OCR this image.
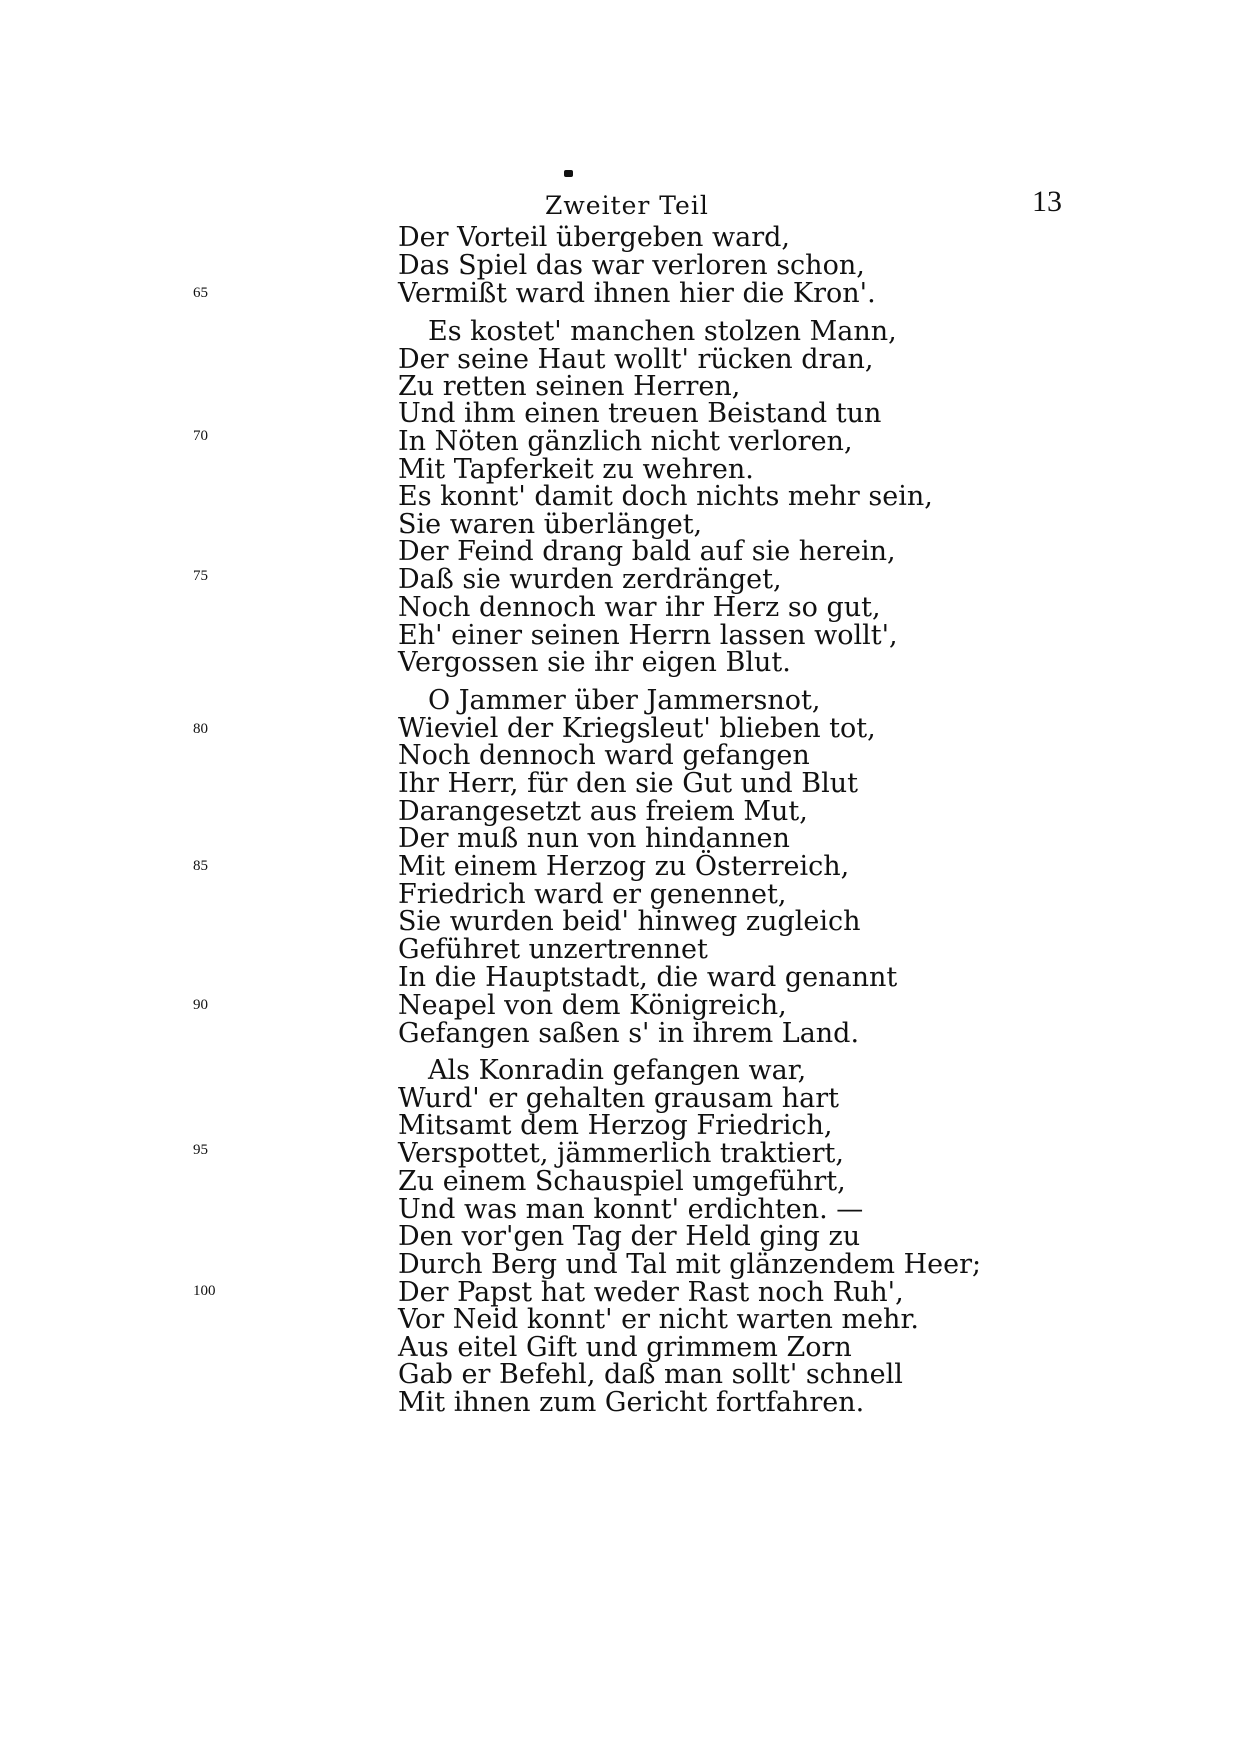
Zweiter Teil	13
Der Vorteil übergeben ward,
Das Spiel das war verloren schon,
Vermißt ward ihnen hier die Kron'.
Es kostet' manchen stolzen Mann,
Der seine Haut wollt' rücken dran,
Zu retten seinen Herren,
Und ihm einen treuen Beistand tun
In Nöten gänzlich nicht verloren,
Mit Tapferkeit zu wehren.
Es konnt' damit doch nichts mehr sein,
Sie waren überlänget,
Der Feind drang bald auf sie herein,
Daß sie wurden zerdränget,
Noch dennoch war ihr Herz so gut,
Eh' einer seinen Herrn lassen wollt',
Vergossen sie ihr eigen Blut.
O Jammer über Jammersnot,
Wieviel der Kriegsleut' blieben tot,
Noch dennoch ward gefangen
Ihr Herr, für den sie Gut und Blut
Darangesetzt aus freiem Mut,
Der muß nun von hindannen
Mit einem Herzog zu Österreich,
Friedrich ward er genennet,
Sie wurden beid' hinweg zugleich
Geführet unzertrennet
In die Hauptstadt, die ward genannt
Neapel von dem Königreich,
Gefangen saßen s' in ihrem Land.
Als Konradin gefangen war,
Wurd' er gehalten grausam hart
Mitsamt dem Herzog Friedrich,
Verspottet, jämmerlich traktiert,
Zu einem Schauspiel umgeführt,
Und was man konnt' erdichten. —
Den vor'gen Tag der Held ging zu
Durch Berg und Tal mit glänzendem Heer;
Der Papst hat weder Rast noch Ruh',
Vor Neid konnt' er nicht warten mehr.
Aus eitel Gift und grimmem Zorn
Gab er Befehl, daß man sollt' schnell
Mit ihnen zum Gericht fortfahren.
65
70
75
80
85
90
95
100
